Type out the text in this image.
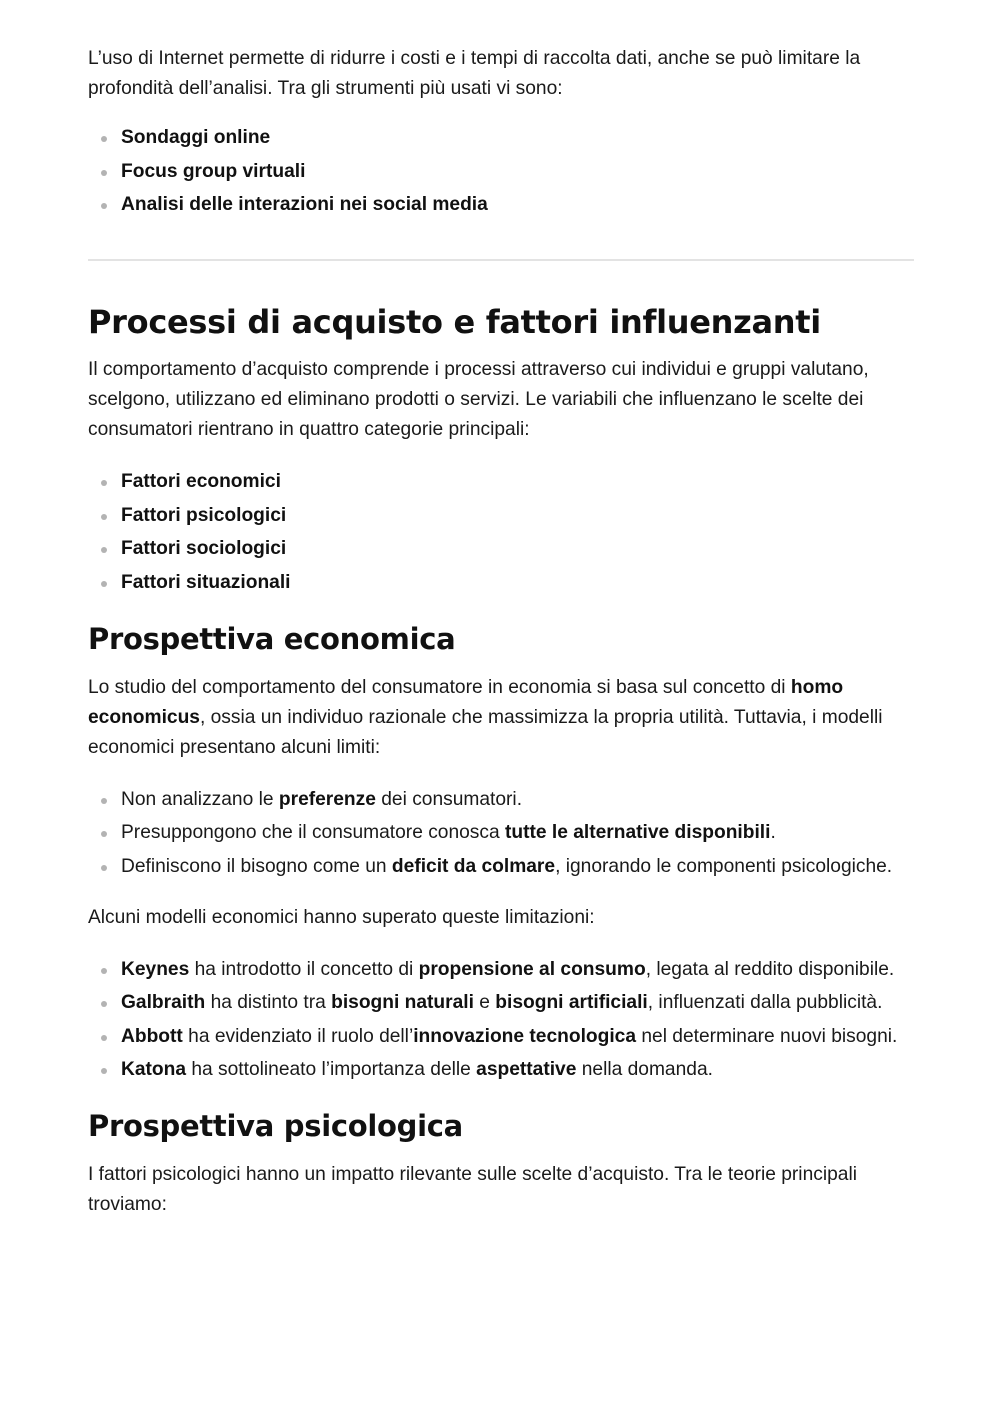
L’uso di Internet permette di ridurre i costi e i tempi di raccolta dati, anche se può limitare la profondità dell’analisi. Tra gli strumenti più usati vi sono:

Sondaggi online
Focus group virtuali
Analisi delle interazioni nei social media
Processi di acquisto e fattori influenzanti

Il comportamento d’acquisto comprende i processi attraverso cui individui e gruppi valutano, scelgono, utilizzano ed eliminano prodotti o servizi. Le variabili che influenzano le scelte dei consumatori rientrano in quattro categorie principali:

Fattori economici
Fattori psicologici
Fattori sociologici
Fattori situazionali
Prospettiva economica

Lo studio del comportamento del consumatore in economia si basa sul concetto di homo economicus, ossia un individuo razionale che massimizza la propria utilità. Tuttavia, i modelli economici presentano alcuni limiti:

Non analizzano le preferenze dei consumatori.
Presuppongono che il consumatore conosca tutte le alternative disponibili.
Definiscono il bisogno come un deficit da colmare, ignorando le componenti psicologiche.

Alcuni modelli economici hanno superato queste limitazioni:

Keynes ha introdotto il concetto di propensione al consumo, legata al reddito disponibile.
Galbraith ha distinto tra bisogni naturali e bisogni artificiali, influenzati dalla pubblicità.
Abbott ha evidenziato il ruolo dell’innovazione tecnologica nel determinare nuovi bisogni.
Katona ha sottolineato l’importanza delle aspettative nella domanda.
Prospettiva psicologica

I fattori psicologici hanno un impatto rilevante sulle scelte d’acquisto. Tra le teorie principali troviamo:
